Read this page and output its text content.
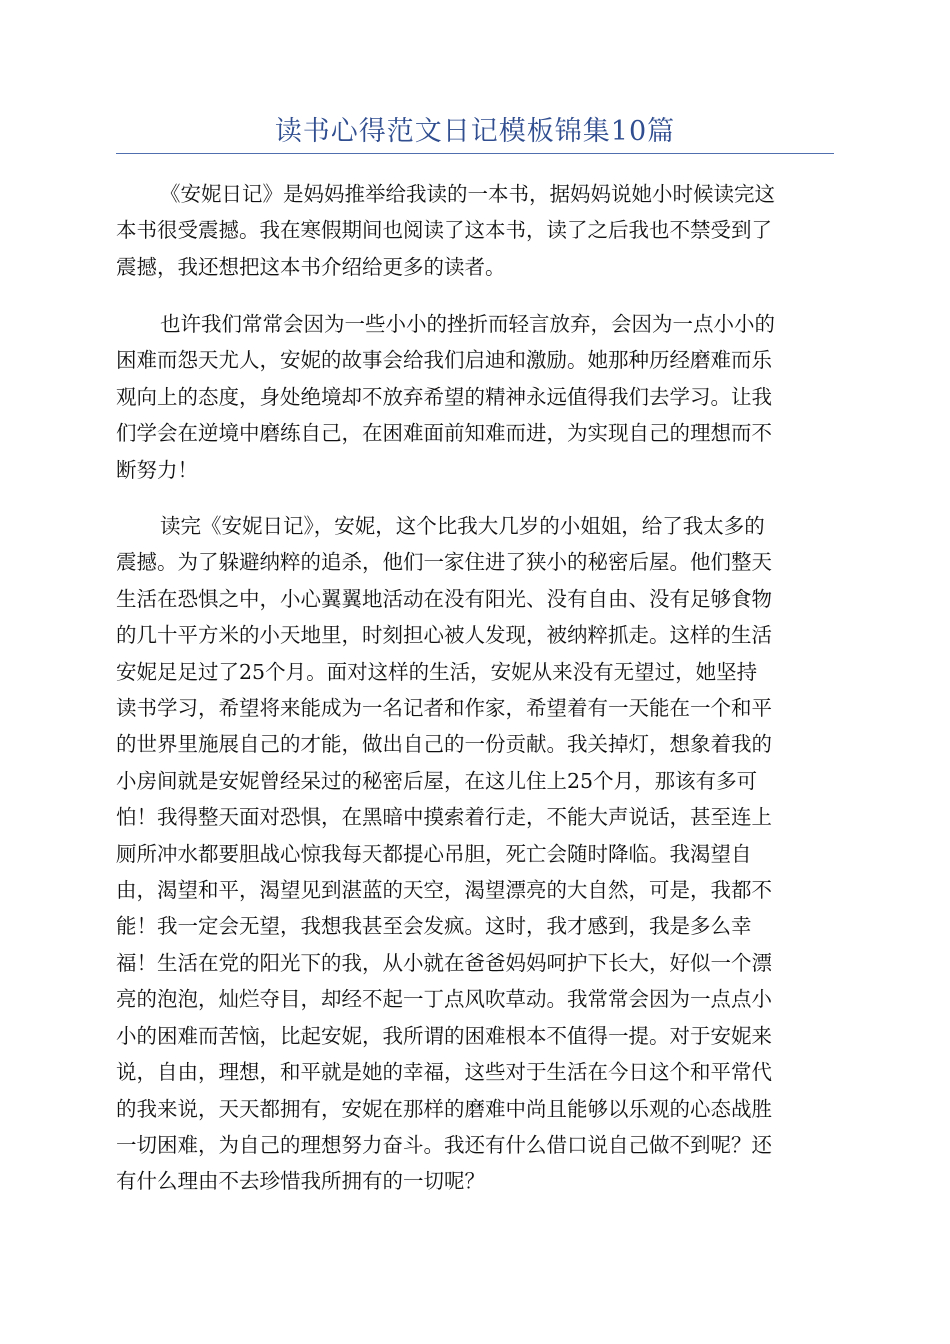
读书心得范文日记模板锦集10篇

《安妮日记》是妈妈推举给我读的一本书，据妈妈说她小时候读完这
本书很受震撼。我在寒假期间也阅读了这本书，读了之后我也不禁受到了
震撼，我还想把这本书介绍给更多的读者。

也许我们常常会因为一些小小的挫折而轻言放弃，会因为一点小小的
困难而怨天尤人，安妮的故事会给我们启迪和激励。她那种历经磨难而乐
观向上的态度，身处绝境却不放弃希望的精神永远值得我们去学习。让我
们学会在逆境中磨练自己，在困难面前知难而进，为实现自己的理想而不
断努力！

读完《安妮日记》，安妮，这个比我大几岁的小姐姐，给了我太多的
震撼。为了躲避纳粹的追杀，他们一家住进了狭小的秘密后屋。他们整天
生活在恐惧之中，小心翼翼地活动在没有阳光、没有自由、没有足够食物
的几十平方米的小天地里，时刻担心被人发现，被纳粹抓走。这样的生活
安妮足足过了25个月。面对这样的生活，安妮从来没有无望过，她坚持
读书学习，希望将来能成为一名记者和作家，希望着有一天能在一个和平
的世界里施展自己的才能，做出自己的一份贡献。我关掉灯，想象着我的
小房间就是安妮曾经呆过的秘密后屋，在这儿住上25个月，那该有多可
怕！我得整天面对恐惧，在黑暗中摸索着行走，不能大声说话，甚至连上
厕所冲水都要胆战心惊我每天都提心吊胆，死亡会随时降临。我渴望自
由，渴望和平，渴望见到湛蓝的天空，渴望漂亮的大自然，可是，我都不
能！我一定会无望，我想我甚至会发疯。这时，我才感到，我是多么幸
福！生活在党的阳光下的我，从小就在爸爸妈妈呵护下长大，好似一个漂
亮的泡泡，灿烂夺目，却经不起一丁点风吹草动。我常常会因为一点点小
小的困难而苦恼，比起安妮，我所谓的困难根本不值得一提。对于安妮来
说，自由，理想，和平就是她的幸福，这些对于生活在今日这个和平常代
的我来说，天天都拥有，安妮在那样的磨难中尚且能够以乐观的心态战胜
一切困难，为自己的理想努力奋斗。我还有什么借口说自己做不到呢？还
有什么理由不去珍惜我所拥有的一切呢？
